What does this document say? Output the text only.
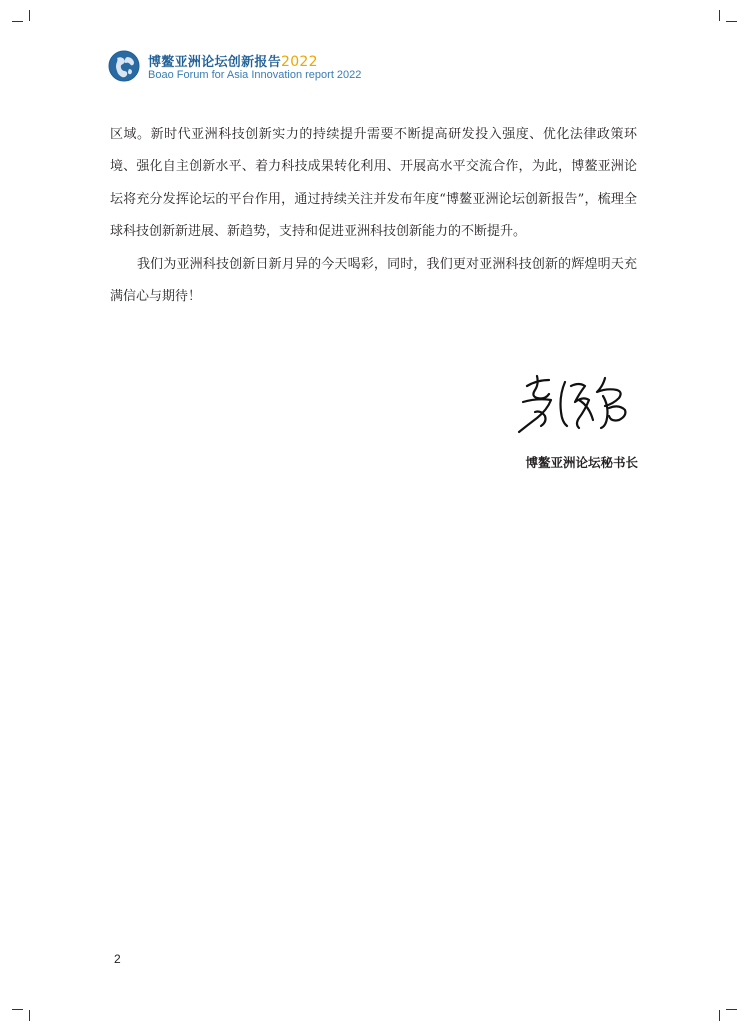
博鳌亚洲论坛创新报告2022
Boao Forum for Asia Innovation report 2022

区域。新时代亚洲科技创新实力的持续提升需要不断提高研发投入强度、优化法律政策环境、强化自主创新水平、着力科技成果转化利用、开展高水平交流合作，为此，博鳌亚洲论坛将充分发挥论坛的平台作用，通过持续关注并发布年度“博鳌亚洲论坛创新报告”，梳理全球科技创新新进展、新趋势，支持和促进亚洲科技创新能力的不断提升。

我们为亚洲科技创新日新月异的今天喝彩，同时，我们更对亚洲科技创新的辉煌明天充满信心与期待！

博鳌亚洲论坛秘书长
2
